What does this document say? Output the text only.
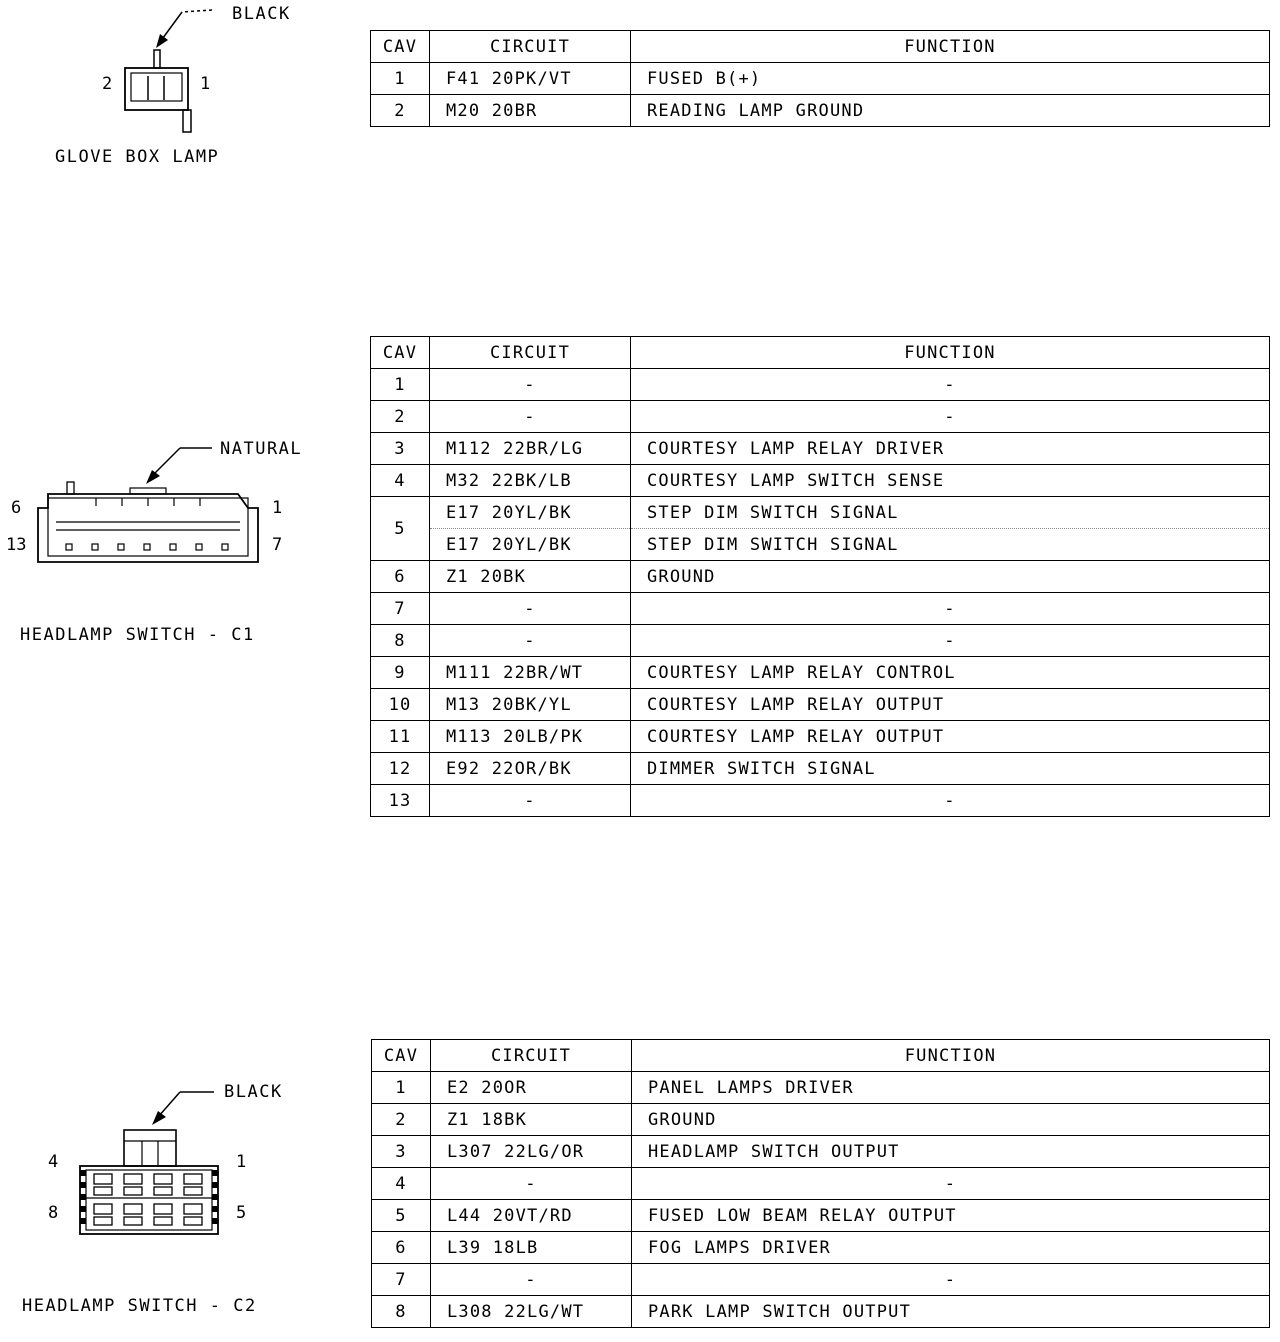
BLACK
2	1
GLOVE BOX LAMP
CAV	CIRCUIT	FUNCTION
1	F41 20PK/VT	FUSED B(+)
2	M20 20BR	READING LAMP GROUND
NATURAL
6	1
13	7
HEADLAMP SWITCH - C1
CAV	CIRCUIT	FUNCTION
1	-	-
2	-	-
3	M112 22BR/LG	COURTESY LAMP RELAY DRIVER
4	M32 22BK/LB	COURTESY LAMP SWITCH SENSE
5	E17 20YL/BK	STEP DIM SWITCH SIGNAL
	E17 20YL/BK	STEP DIM SWITCH SIGNAL
6	Z1 20BK	GROUND
7	-	-
8	-	-
9	M111 22BR/WT	COURTESY LAMP RELAY CONTROL
10	M13 20BK/YL	COURTESY LAMP RELAY OUTPUT
11	M113 20LB/PK	COURTESY LAMP RELAY OUTPUT
12	E92 22OR/BK	DIMMER SWITCH SIGNAL
13	-	-
BLACK
4	1
8	5
HEADLAMP SWITCH - C2
CAV	CIRCUIT	FUNCTION
1	E2 20OR	PANEL LAMPS DRIVER
2	Z1 18BK	GROUND
3	L307 22LG/OR	HEADLAMP SWITCH OUTPUT
4	-	-
5	L44 20VT/RD	FUSED LOW BEAM RELAY OUTPUT
6	L39 18LB	FOG LAMPS DRIVER
7	-	-
8	L308 22LG/WT	PARK LAMP SWITCH OUTPUT
